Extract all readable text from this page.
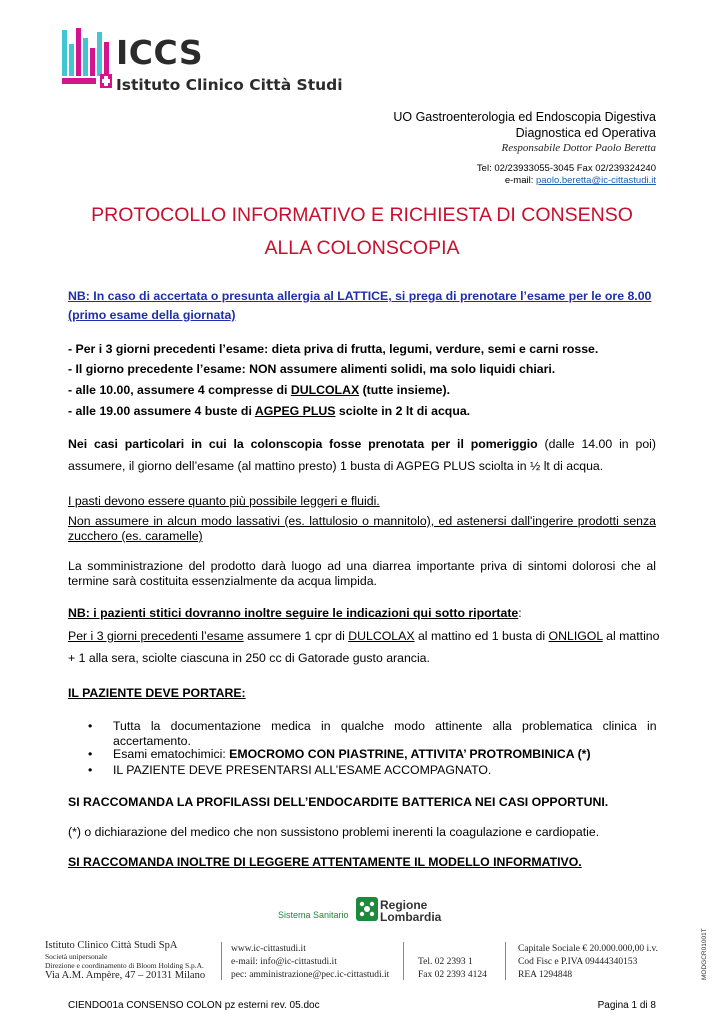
ICCS
Istituto Clinico Città Studi
UO Gastroenterologia ed Endoscopia Digestiva
Diagnostica ed Operativa
Responsabile Dottor Paolo Beretta
Tel: 02/23933055-3045 Fax 02/239324240
e-mail: paolo.beretta@ic-cittastudi.it
PROTOCOLLO INFORMATIVO E RICHIESTA DI CONSENSO
ALLA COLONSCOPIA
NB: In caso di accertata o presunta allergia al LATTICE, si prega di prenotare l’esame per le ore 8.00
(primo esame della giornata)
- Per i 3 giorni precedenti l’esame: dieta priva di frutta, legumi, verdure, semi e carni rosse.
- Il giorno precedente l’esame: NON assumere alimenti solidi, ma solo liquidi chiari.
- alle 10.00, assumere 4 compresse di DULCOLAX (tutte insieme).
- alle 19.00 assumere 4 buste di AGPEG PLUS sciolte in 2 lt di acqua.
Nei casi particolari in cui la colonscopia fosse prenotata per il pomeriggio (dalle 14.00 in poi)
assumere, il giorno dell’esame (al mattino presto) 1 busta di AGPEG PLUS sciolta in ½ lt di acqua.
I pasti devono essere quanto più possibile leggeri e fluidi.
Non assumere in alcun modo lassativi (es. lattulosio o mannitolo), ed astenersi dall'ingerire prodotti senza
zucchero (es. caramelle)
La somministrazione del prodotto darà luogo ad una diarrea importante priva di sintomi dolorosi che al
termine sarà costituita essenzialmente da acqua limpida.
NB: i pazienti stitici dovranno inoltre seguire le indicazioni qui sotto riportate:
Per i 3 giorni precedenti l’esame assumere 1 cpr di DULCOLAX al mattino ed 1 busta di ONLIGOL al mattino
+ 1 alla sera, sciolte ciascuna in 250 cc di Gatorade gusto arancia.
IL PAZIENTE DEVE PORTARE:
• Tutta   la   documentazione   medica   in   qualche   modo   attinente   alla   problematica   clinica   in
accertamento.
• Esami ematochimici: EMOCROMO CON PIASTRINE, ATTIVITA’ PROTROMBINICA (*)
• IL PAZIENTE DEVE PRESENTARSI ALL’ESAME ACCOMPAGNATO.
SI RACCOMANDA LA PROFILASSI DELL’ENDOCARDITE BATTERICA NEI CASI OPPORTUNI.
(*) o dichiarazione del medico che non sussistono problemi inerenti la coagulazione e cardiopatie.
SI RACCOMANDA INOLTRE DI LEGGERE ATTENTAMENTE IL MODELLO INFORMATIVO.
Sistema Sanitario
Regione
Lombardia
Istituto Clinico Città Studi SpA
Società unipersonale
Direzione e coordinamento di Bloom Holding S.p.A.
Via A.M. Ampère, 47 – 20131 Milano
www.ic-cittastudi.it
e-mail: info@ic-cittastudi.it
pec: amministrazione@pec.ic-cittastudi.it
Tel. 02 2393 1
Fax 02 2393 4124
Capitale Sociale € 20.000.000,00 i.v.
Cod Fisc e P.IVA 09444340153
REA 1294848	MODGCR01001T
CIENDO01a CONSENSO COLON pz esterni rev. 05.doc	Pagina 1 di 8
